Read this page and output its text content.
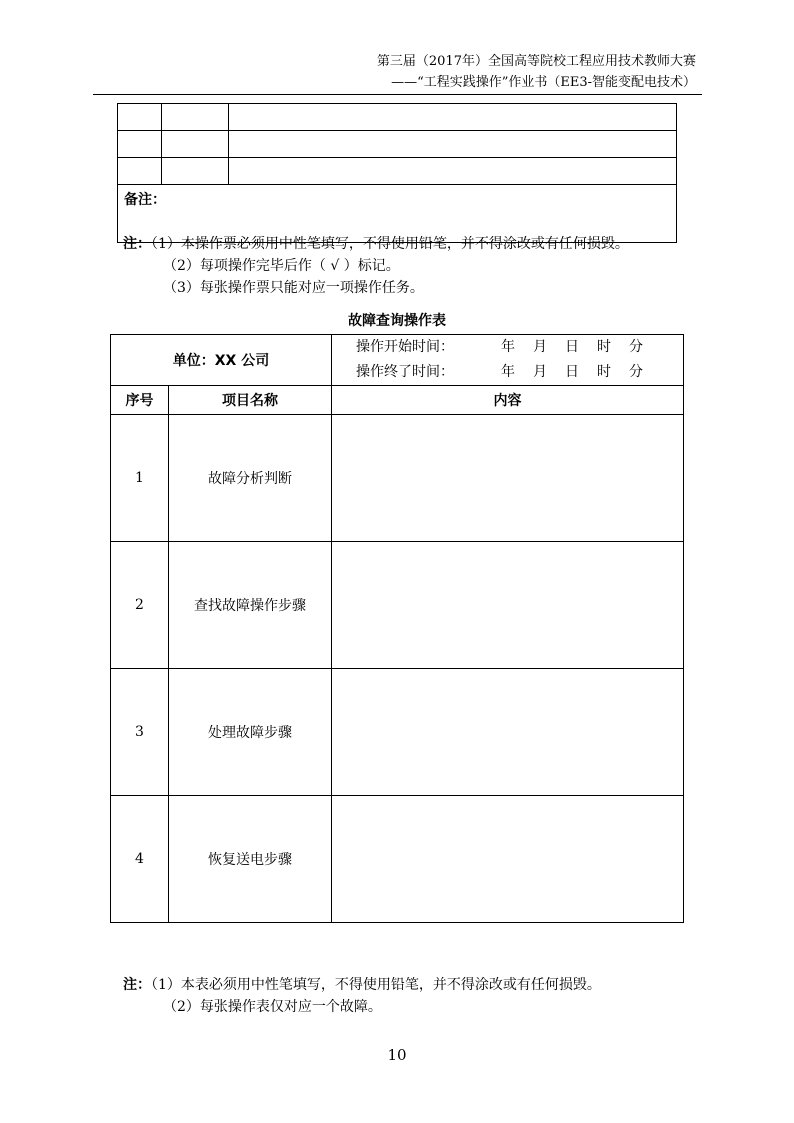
第三届（2017年）全国高等院校工程应用技术教师大赛
——“工程实践操作”作业书（EE3-智能变配电技术）

备注：		
注：（1）本操作票必须用中性笔填写，不得使用铅笔，并不得涂改或有任何损毁。
（2）每项操作完毕后作（ √ ）标记。
（3）每张操作票只能对应一项操作任务。
故障查询操作表
单位：XX 公司		操作开始时间： 年 月 日 时 分
操作终了时间： 年 月 日 时 分

序号	项目名称	内容
1	故障分析判断	
2	查找故障操作步骤	
3	处理故障步骤	
4	恢复送电步骤	
注：（1）本表必须用中性笔填写，不得使用铅笔，并不得涂改或有任何损毁。
（2）每张操作表仅对应一个故障。
10
